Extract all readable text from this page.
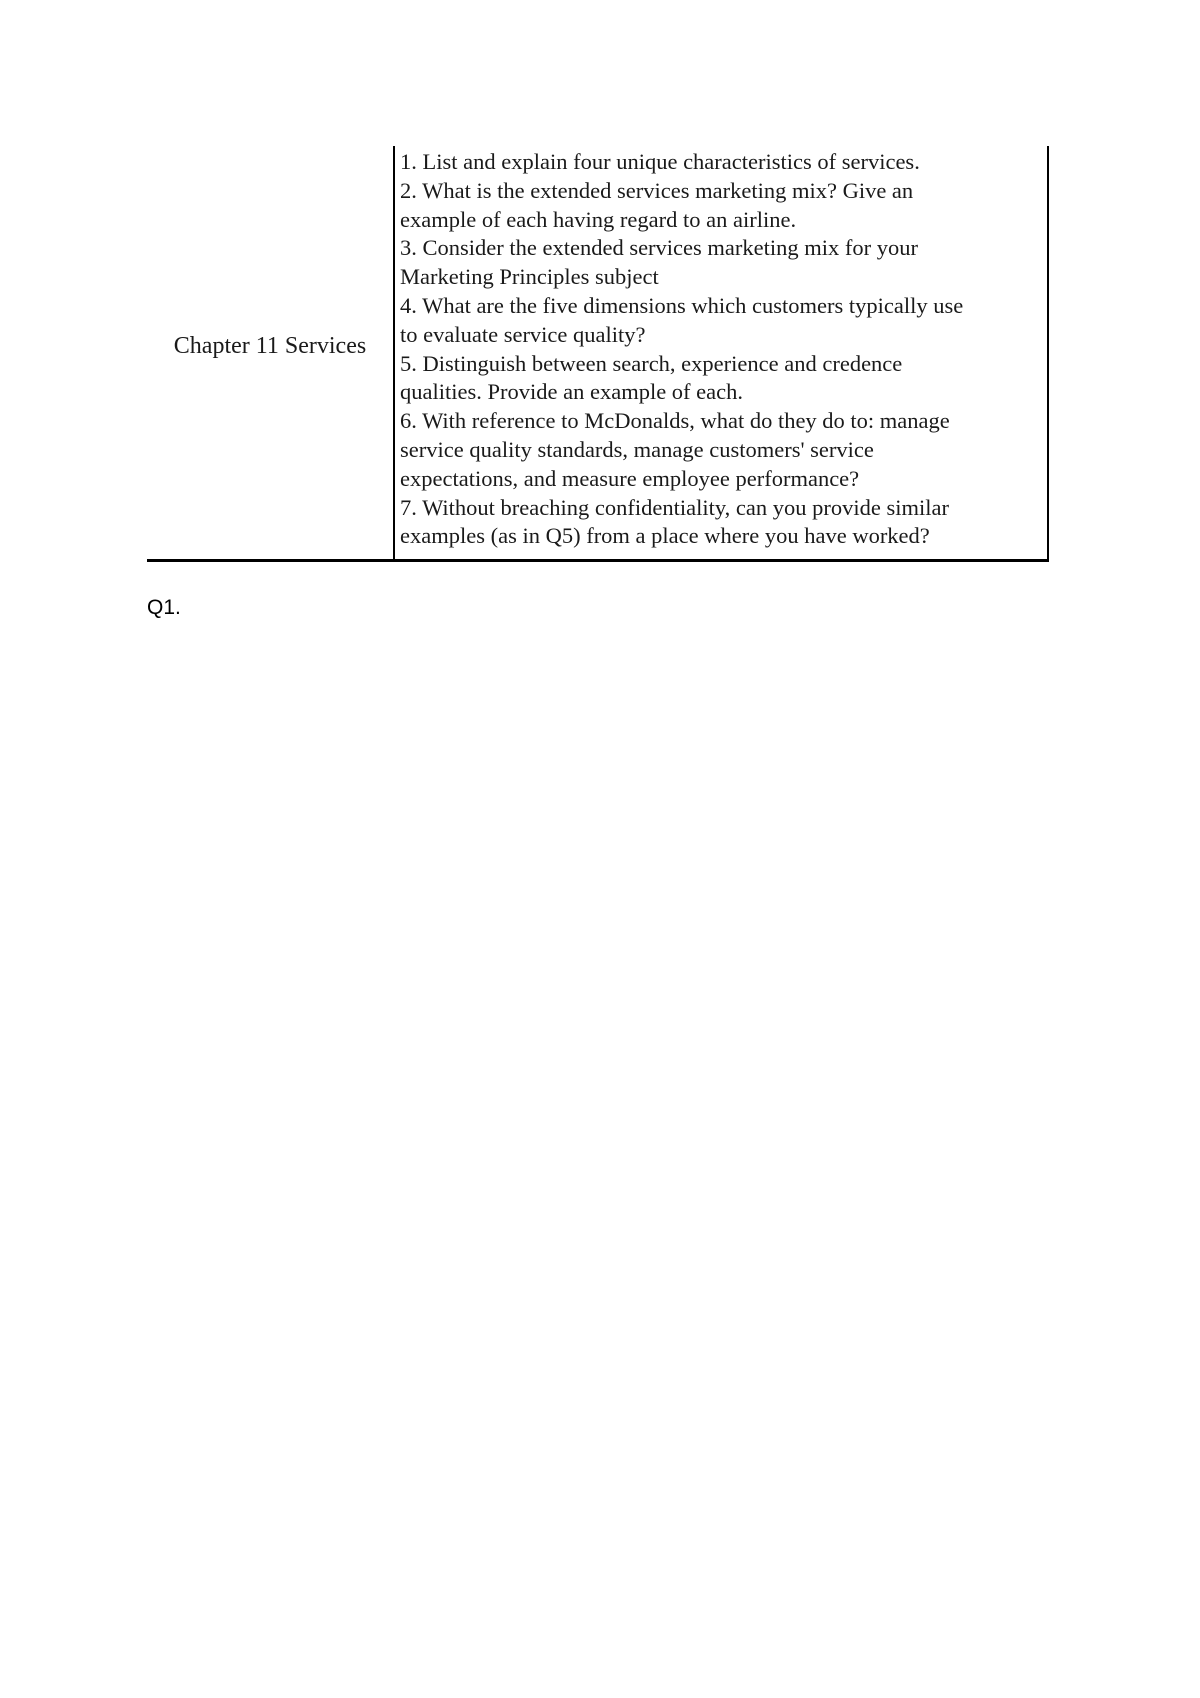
Chapter 11 Services
1. List and explain four unique characteristics of services.
2. What is the extended services marketing mix? Give an
example of each having regard to an airline.
3. Consider the extended services marketing mix for your
Marketing Principles subject
4. What are the five dimensions which customers typically use
to evaluate service quality?
5. Distinguish between search, experience and credence
qualities. Provide an example of each.
6. With reference to McDonalds, what do they do to: manage
service quality standards, manage customers' service
expectations, and measure employee performance?
7. Without breaching confidentiality, can you provide similar
examples (as in Q5) from a place where you have worked?
Q1.
